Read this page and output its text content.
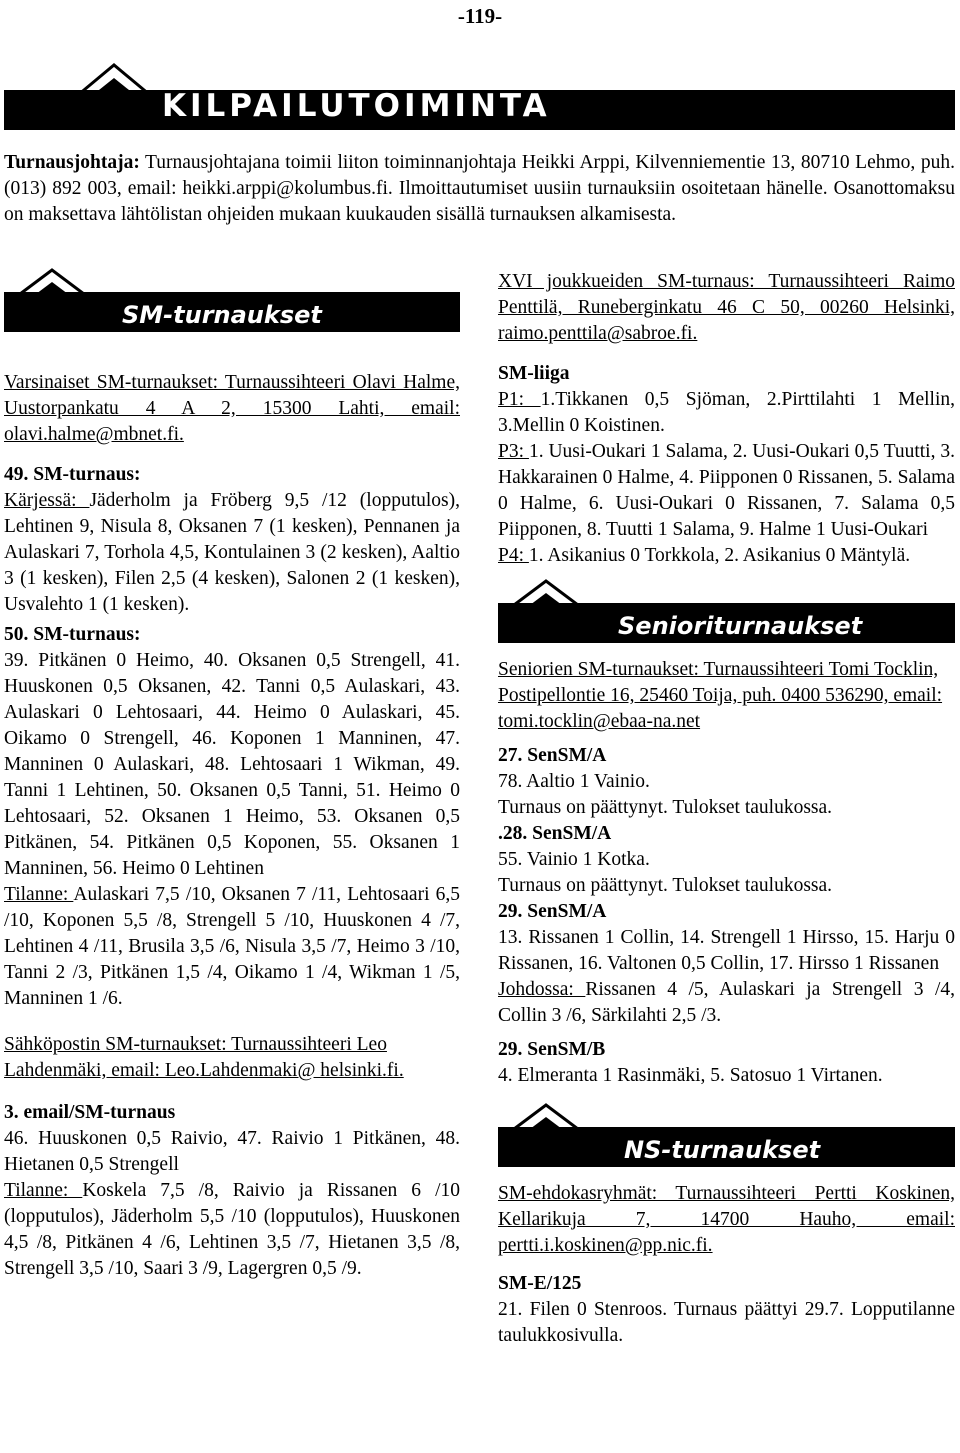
-119-
KILPAILUTOIMINTA
Turnausjohtaja: Turnausjohtajana toimii liiton toiminnanjohtaja Heikki Arppi, Kilvenniementie 13, 80710 Lehmo, puh. (013) 892 003, email: heikki.arppi@kolumbus.fi. Ilmoittautumiset uusiin turnauksiin osoitetaan hänelle. Osanottomaksu on maksettava lähtölistan ohjeiden mukaan kuukauden sisällä turnauksen alkamisesta.
SM-turnaukset

Varsinaiset SM-turnaukset: Turnaussihteeri Olavi Halme, Uustorpankatu 4 A 2, 15300 Lahti, email: olavi.halme@mbnet.fi.

49. SM-turnaus:

Kärjessä: Jäderholm ja Fröberg 9,5 /12 (lopputulos), Lehtinen 9, Nisula 8, Oksanen 7 (1 kesken), Pennanen ja Aulaskari 7, Torhola 4,5, Kontulainen 3 (2 kesken), Aaltio 3 (1 kesken), Filen 2,5 (4 kesken), Salonen 2 (1 kesken), Usvalehto 1 (1 kesken).

50. SM-turnaus:

39. Pitkänen 0 Heimo, 40. Oksanen 0,5 Strengell, 41. Huuskonen 0,5 Oksanen, 42. Tanni 0,5 Aulaskari, 43. Aulaskari 0 Lehtosaari, 44. Heimo 0 Aulaskari, 45. Oikamo 0 Strengell, 46. Koponen 1 Manninen, 47. Manninen 0 Aulaskari, 48. Lehtosaari 1 Wikman, 49. Tanni 1 Lehtinen, 50. Oksanen 0,5 Tanni, 51. Heimo 0 Lehtosaari, 52. Oksanen 1 Heimo, 53. Oksanen 0,5 Pitkänen, 54. Pitkänen 0,5 Koponen, 55. Oksanen 1 Manninen, 56. Heimo 0 Lehtinen

Tilanne: Aulaskari 7,5 /10, Oksanen 7 /11, Lehtosaari 6,5 /10, Koponen 5,5 /8, Strengell 5 /10, Huuskonen 4 /7, Lehtinen 4 /11, Brusila 3,5 /6, Nisula 3,5 /7, Heimo 3 /10, Tanni 2 /3, Pitkänen 1,5 /4, Oikamo 1 /4, Wikman 1 /5, Manninen 1 /6.

Sähköpostin SM-turnaukset: Turnaussihteeri Leo Lahdenmäki, email: Leo.Lahdenmaki@ helsinki.fi.

3. email/SM-turnaus

46. Huuskonen 0,5 Raivio, 47. Raivio 1 Pitkänen, 48. Hietanen 0,5 Strengell

Tilanne: Koskela 7,5 /8, Raivio ja Rissanen 6 /10 (lopputulos), Jäderholm 5,5 /10 (lopputulos), Huuskonen 4,5 /8, Pitkänen 4 /6, Lehtinen 3,5 /7, Hietanen 3,5 /8, Strengell 3,5 /10, Saari 3 /9, Lagergren 0,5 /9.

XVI joukkueiden SM-turnaus: Turnaussihteeri Raimo Penttilä, Runeberginkatu 46 C 50, 00260 Helsinki, raimo.penttila@sabroe.fi.

SM-liiga

P1: 1.Tikkanen 0,5 Sjöman, 2.Pirttilahti 1 Mellin, 3.Mellin 0 Koistinen.

P3: 1. Uusi-Oukari 1 Salama, 2. Uusi-Oukari 0,5 Tuutti, 3. Hakkarainen 0 Halme, 4. Piipponen 0 Rissanen, 5. Salama 0 Halme, 6. Uusi-Oukari 0 Rissanen, 7. Salama 0,5 Piipponen, 8. Tuutti 1 Salama, 9. Halme 1 Uusi-Oukari

P4: 1. Asikanius 0 Torkkola, 2. Asikanius 0 Mäntylä.

Senioriturnaukset

Seniorien SM-turnaukset: Turnaussihteeri Tomi Tocklin, Postipellontie 16, 25460 Toija, puh. 0400 536290, email: tomi.tocklin@ebaa-na.net

27. SenSM/A

78. Aaltio 1 Vainio.

Turnaus on päättynyt. Tulokset taulukossa.

.28. SenSM/A

55. Vainio 1 Kotka.

Turnaus on päättynyt. Tulokset taulukossa.

29. SenSM/A

13. Rissanen 1 Collin, 14. Strengell 1 Hirsso, 15. Harju 0 Rissanen, 16. Valtonen 0,5 Collin, 17. Hirsso 1 Rissanen

Johdossa: Rissanen 4 /5, Aulaskari ja Strengell 3 /4, Collin 3 /6, Särkilahti 2,5 /3.

29. SenSM/B

4. Elmeranta 1 Rasinmäki, 5. Satosuo 1 Virtanen.

NS-turnaukset

SM-ehdokasryhmät: Turnaussihteeri Pertti Koskinen, Kellarikuja 7, 14700 Hauho, email: pertti.i.koskinen@pp.nic.fi.

SM-E/125

21. Filen 0 Stenroos. Turnaus päättyi 29.7. Lopputilanne taulukkosivulla.
